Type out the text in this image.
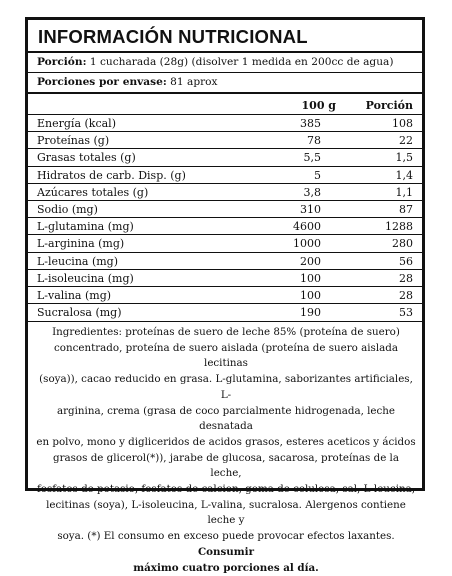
INFORMACIÓN NUTRICIONAL
Porción: 1 cucharada (28g) (disolver 1 medida en 200cc de agua)
Porciones por envase: 81 aprox
100 g	Porción
Energía (kcal)	385	108
Proteínas (g)	78	22
Grasas totales (g)	5,5	1,5
Hidratos de carb. Disp. (g)	5	1,4
Azúcares totales (g)	3,8	1,1
Sodio (mg)	310	87
L-glutamina (mg)	4600	1288
L-arginina (mg)	1000	280
L-leucina (mg)	200	56
L-isoleucina (mg)	100	28
L-valina (mg)	100	28
Sucralosa (mg)	190	53
Ingredientes: proteínas de suero de leche 85% (proteína de suero)
concentrado, proteína de suero aislada (proteína de suero aislada lecitinas
(soya)), cacao reducido en grasa. L-glutamina, saborizantes artificiales, L-
arginina, crema (grasa de coco parcialmente hidrogenada, leche desnatada
en polvo, mono y digliceridos de acidos grasos, esteres aceticos y ácidos
grasos de glicerol(*)), jarabe de glucosa, sacarosa, proteínas de la leche,
fosfatos de potasio, fosfatos de calcion, goma de celulosa, sal, L-leucina,
lecitinas (soya), L-isoleucina, L-valina, sucralosa. Alergenos contiene leche y
soya. (*) El consumo en exceso puede provocar efectos laxantes. Consumir
máximo cuatro porciones al día.
